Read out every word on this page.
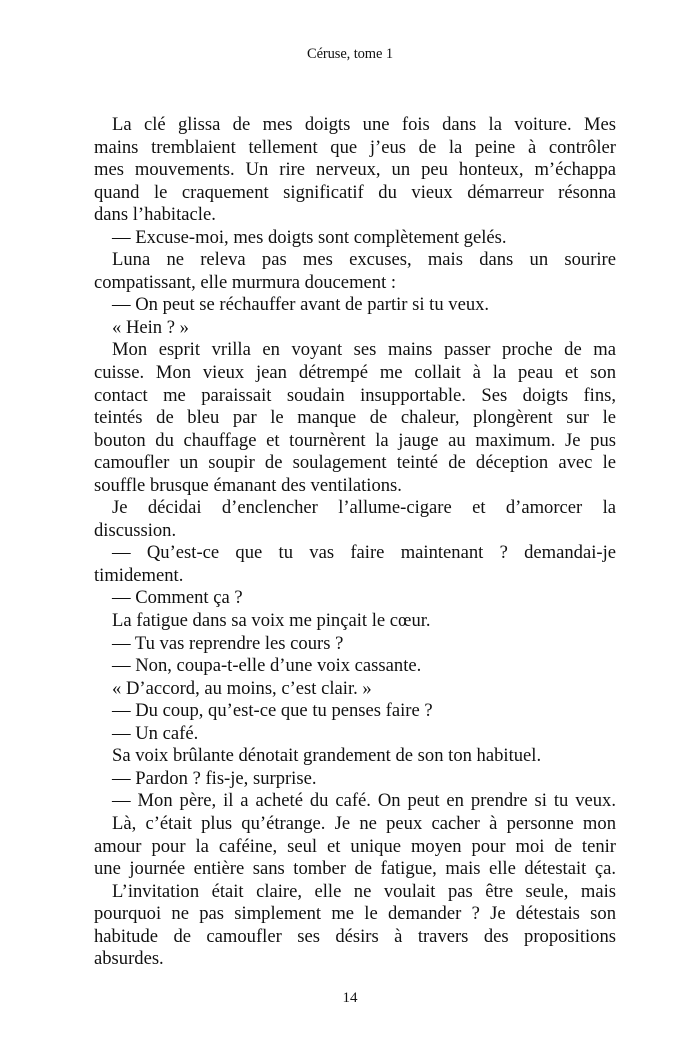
Céruse, tome 1
La clé glissa de mes doigts une fois dans la voiture. Mes
mains tremblaient tellement que j’eus de la peine à contrôler
mes mouvements. Un rire nerveux, un peu honteux, m’échappa
quand le craquement significatif du vieux démarreur résonna
dans l’habitacle.
— Excuse-moi, mes doigts sont complètement gelés.
Luna ne releva pas mes excuses, mais dans un sourire
compatissant, elle murmura doucement :
— On peut se réchauffer avant de partir si tu veux.
« Hein ? »
Mon esprit vrilla en voyant ses mains passer proche de ma
cuisse. Mon vieux jean détrempé me collait à la peau et son
contact me paraissait soudain insupportable. Ses doigts fins,
teintés de bleu par le manque de chaleur, plongèrent sur le
bouton du chauffage et tournèrent la jauge au maximum. Je pus
camoufler un soupir de soulagement teinté de déception avec le
souffle brusque émanant des ventilations.
Je décidai d’enclencher l’allume-cigare et d’amorcer la
discussion.
— Qu’est-ce que tu vas faire maintenant ? demandai-je
timidement.
— Comment ça ?
La fatigue dans sa voix me pinçait le cœur.
— Tu vas reprendre les cours ?
— Non, coupa-t-elle d’une voix cassante.
« D’accord, au moins, c’est clair. »
— Du coup, qu’est-ce que tu penses faire ?
— Un café.
Sa voix brûlante dénotait grandement de son ton habituel.
— Pardon ? fis-je, surprise.
— Mon père, il a acheté du café. On peut en prendre si tu veux.
Là, c’était plus qu’étrange. Je ne peux cacher à personne mon
amour pour la caféine, seul et unique moyen pour moi de tenir
une journée entière sans tomber de fatigue, mais elle détestait ça.
L’invitation était claire, elle ne voulait pas être seule, mais
pourquoi ne pas simplement me le demander ? Je détestais son
habitude de camoufler ses désirs à travers des propositions
absurdes.
14
